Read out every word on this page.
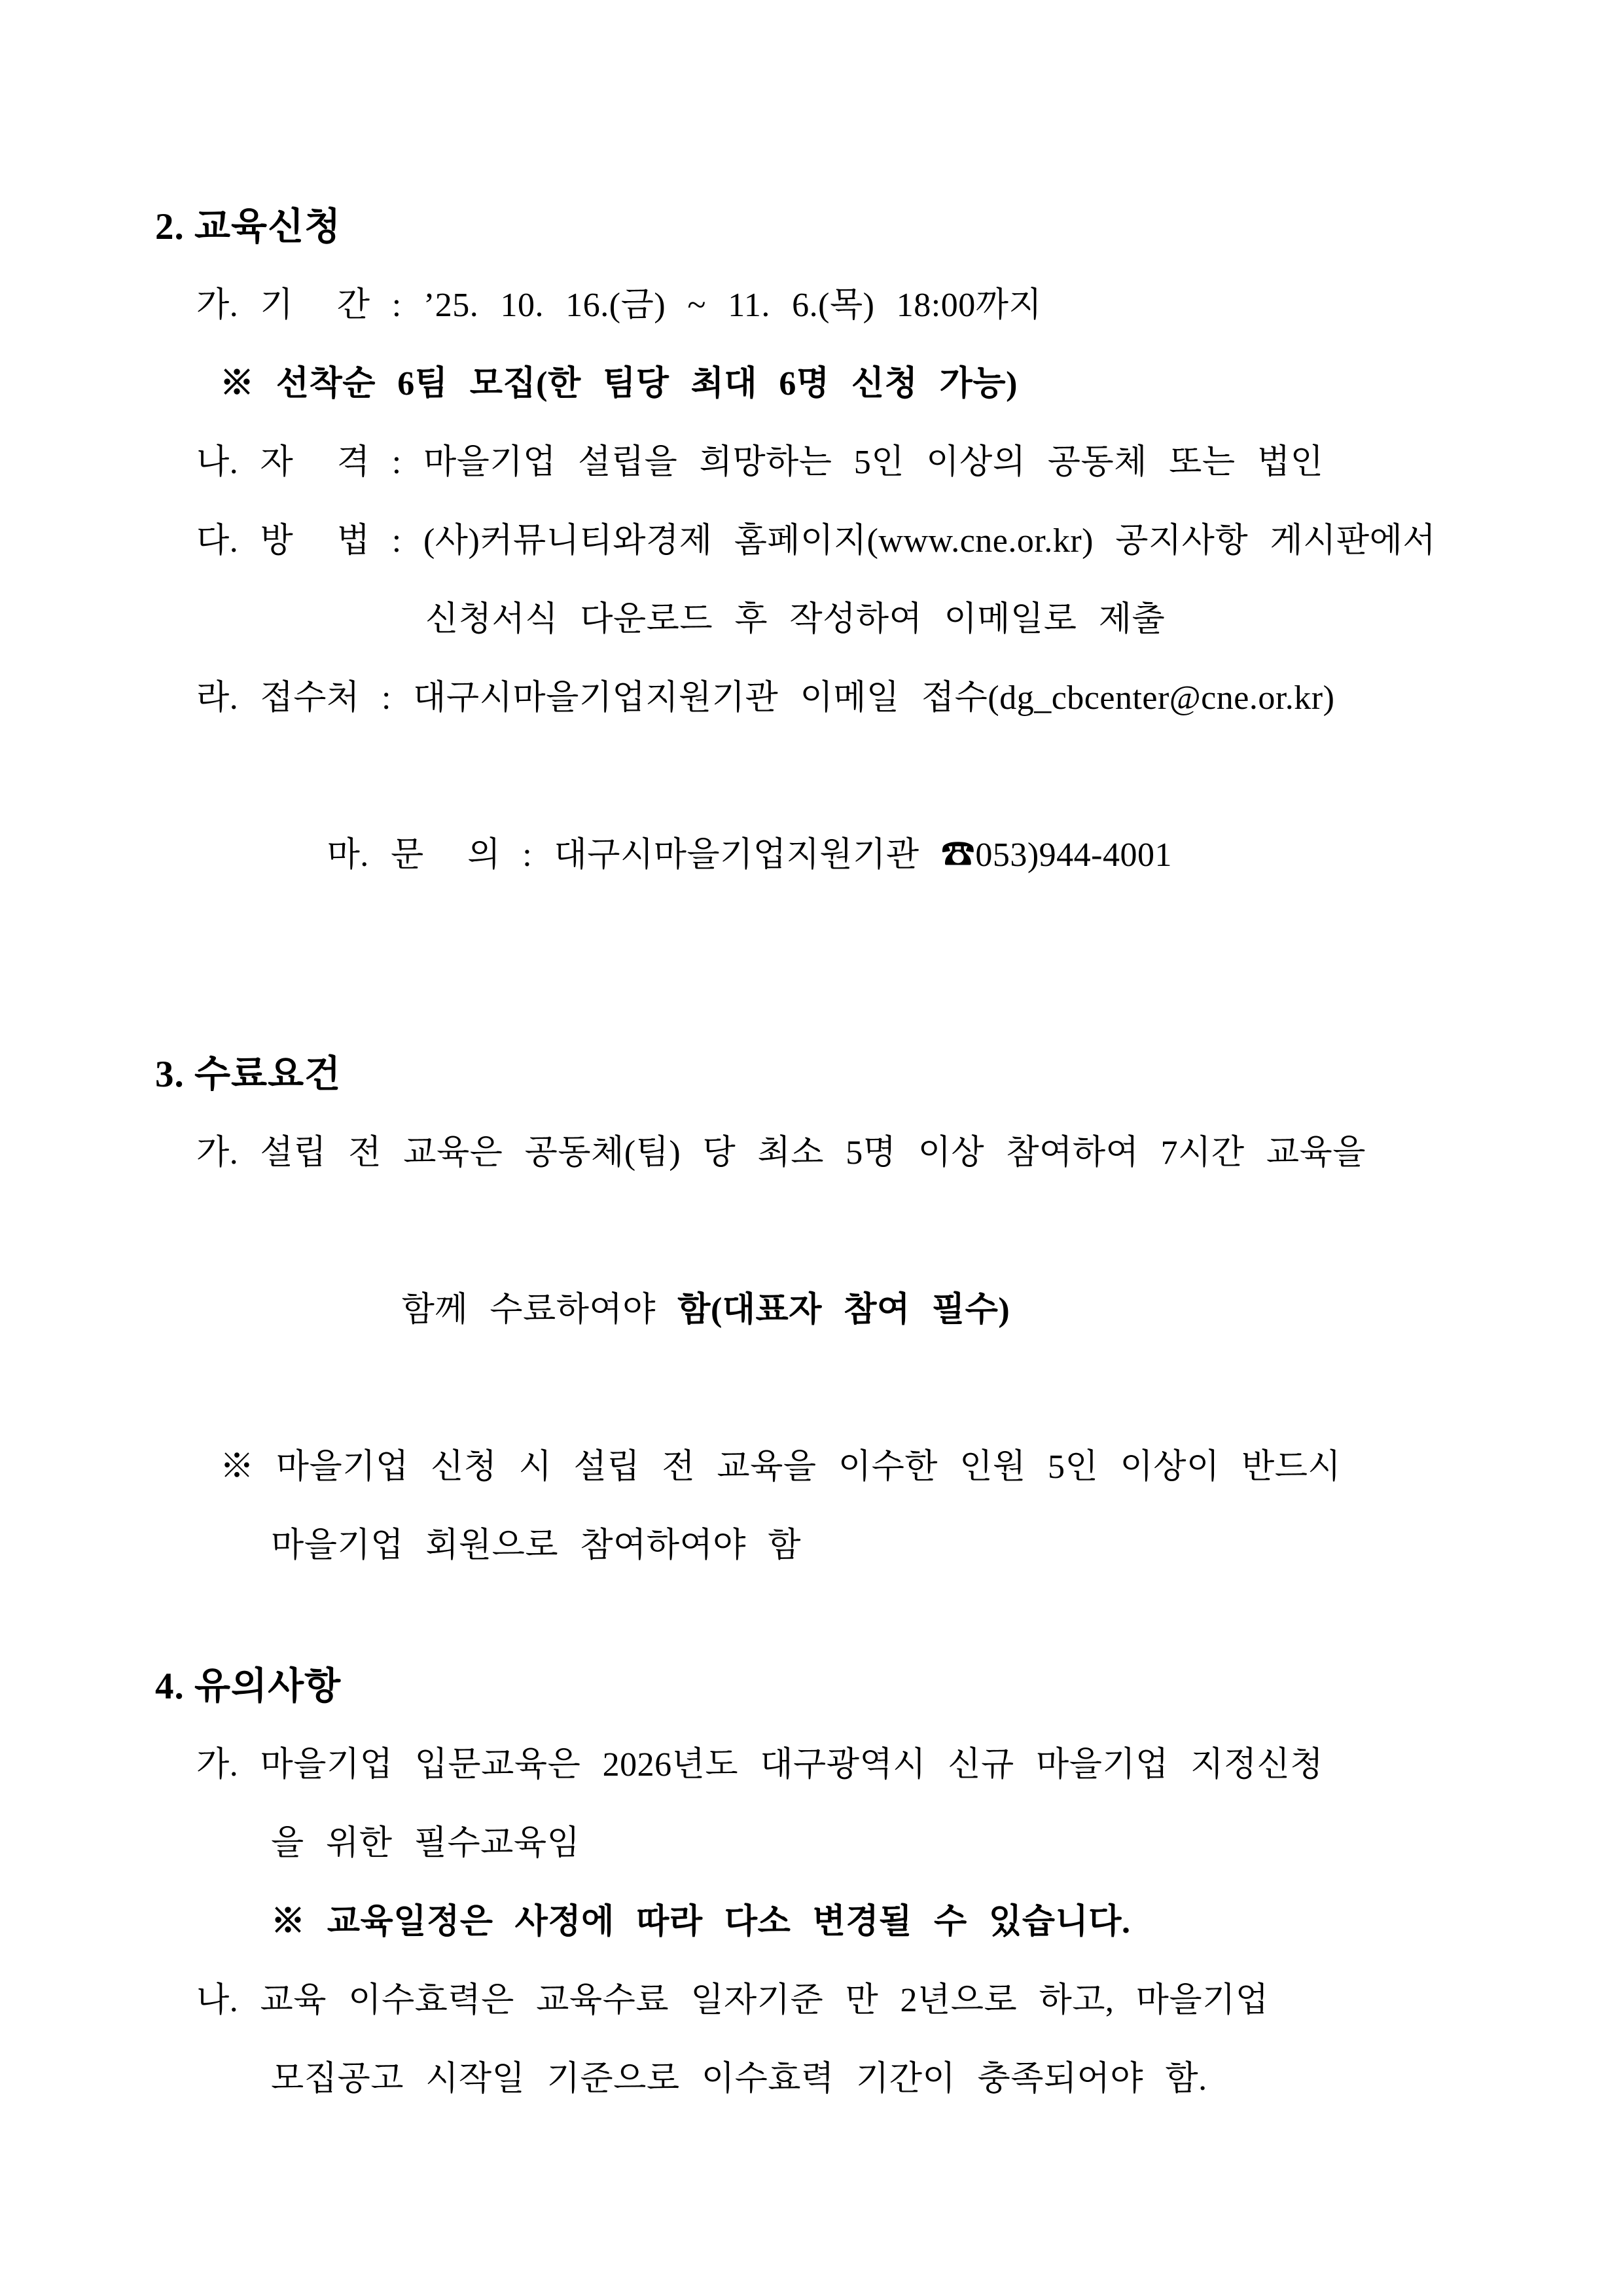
2. 교육신청
가. 기  간 : ’25. 10. 16.(금) ~ 11. 6.(목) 18:00까지
※ 선착순 6팀 모집(한 팀당 최대 6명 신청 가능)
나. 자  격 : 마을기업 설립을 희망하는 5인 이상의 공동체 또는 법인
다. 방  법 : (사)커뮤니티와경제 홈페이지(www.cne.or.kr) 공지사항 게시판에서
신청서식 다운로드 후 작성하여 이메일로 제출
라. 접수처 : 대구시마을기업지원기관 이메일 접수(dg_cbcenter@cne.or.kr)

마. 문  의 : 대구시마을기업지원기관 ☎053)944-4001

3. 수료요건
가. 설립 전 교육은 공동체(팀) 당 최소 5명 이상 참여하여 7시간 교육을

함께 수료하여야 함(대표자 참여 필수)

※ 마을기업 신청 시 설립 전 교육을 이수한 인원 5인 이상이 반드시
마을기업 회원으로 참여하여야 함
4. 유의사항
가. 마을기업 입문교육은 2026년도 대구광역시 신규 마을기업 지정신청
을 위한 필수교육임
※ 교육일정은 사정에 따라 다소 변경될 수 있습니다.
나. 교육 이수효력은 교육수료 일자기준 만 2년으로 하고, 마을기업
모집공고 시작일 기준으로 이수효력 기간이 충족되어야 함.
